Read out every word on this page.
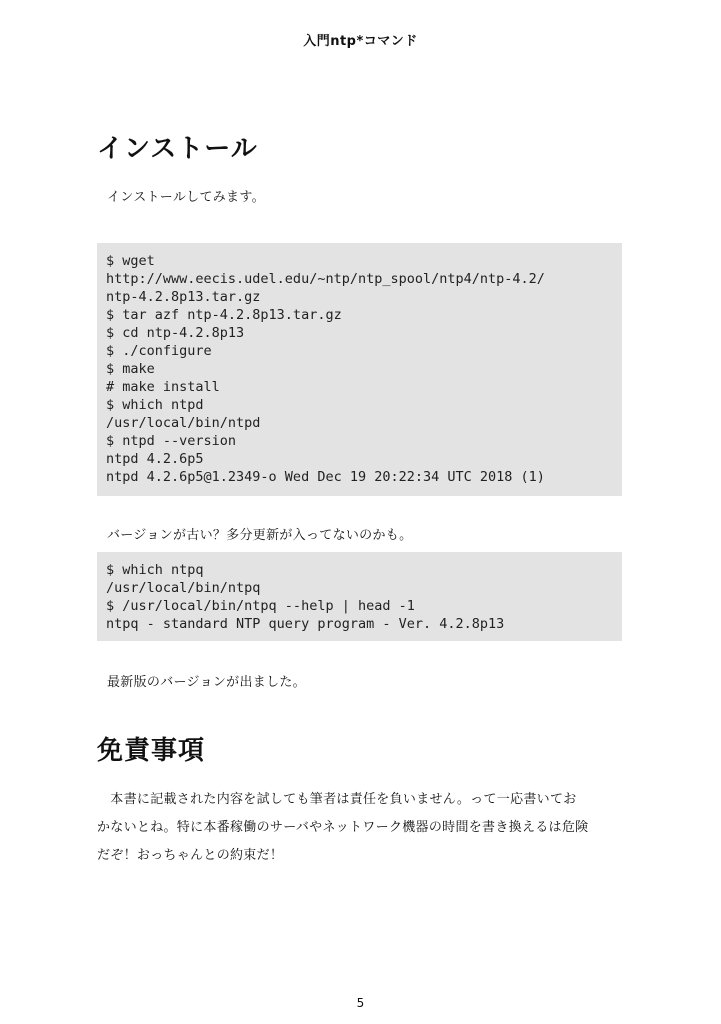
入門ntp*コマンド
インストール
インストールしてみます。
$ wget
http://www.eecis.udel.edu/~ntp/ntp_spool/ntp4/ntp-4.2/
ntp-4.2.8p13.tar.gz
$ tar azf ntp-4.2.8p13.tar.gz
$ cd ntp-4.2.8p13
$ ./configure
$ make
# make install
$ which ntpd
/usr/local/bin/ntpd
$ ntpd --version
ntpd 4.2.6p5
ntpd 4.2.6p5@1.2349-o Wed Dec 19 20:22:34 UTC 2018 (1)
バージョンが古い？多分更新が入ってないのかも。
$ which ntpq
/usr/local/bin/ntpq
$ /usr/local/bin/ntpq --help | head -1
ntpq - standard NTP query program - Ver. 4.2.8p13
最新版のバージョンが出ました。
免責事項
　本書に記載された内容を試しても筆者は責任を負いません。って一応書いてお
かないとね。特に本番稼働のサーバやネットワーク機器の時間を書き換えるは危険
だぞ！おっちゃんとの約束だ！
5
